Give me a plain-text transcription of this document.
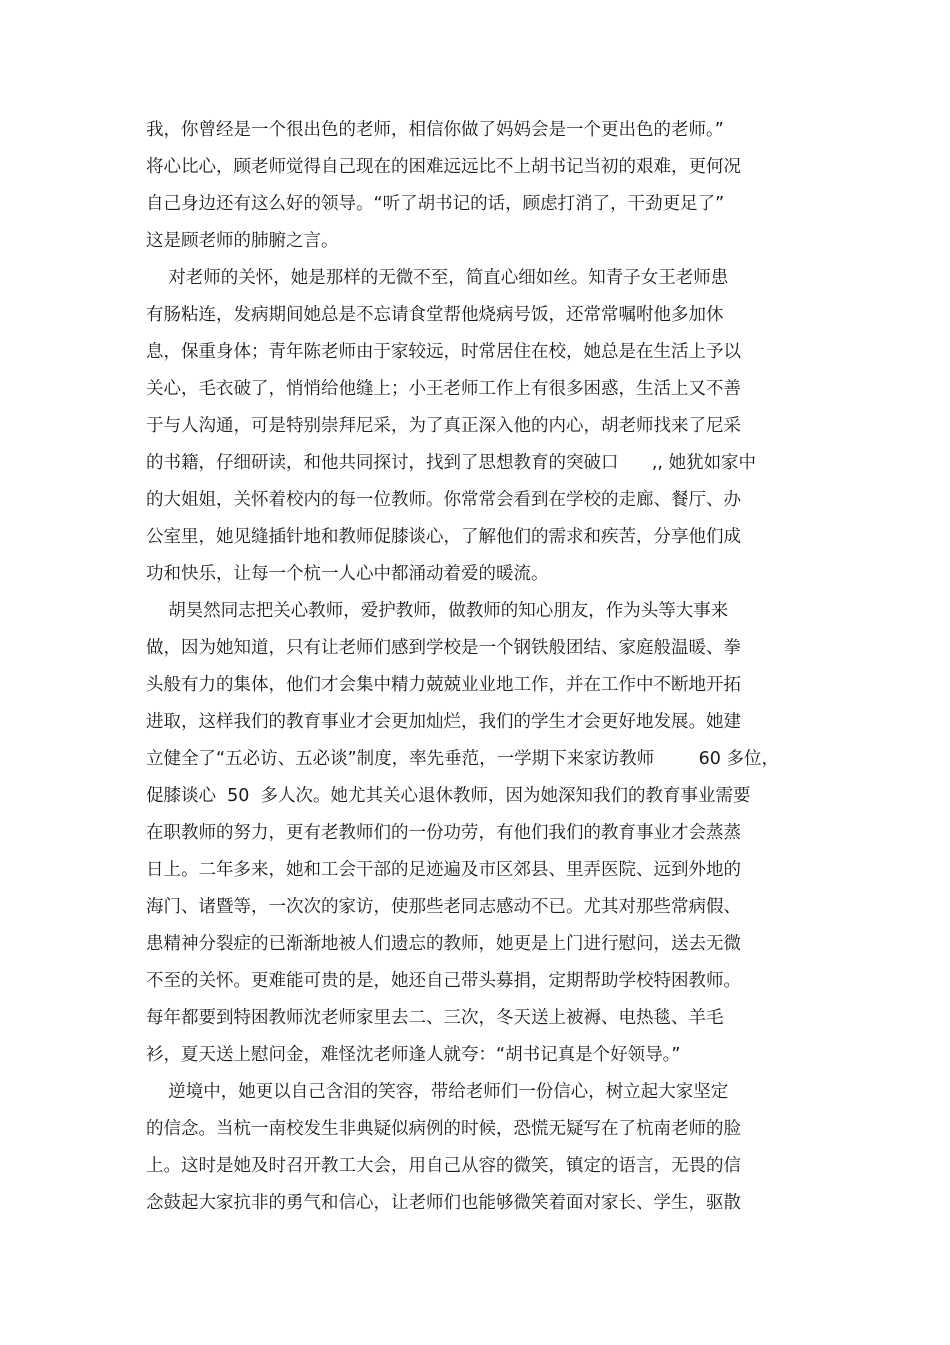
我，你曾经是一个很出色的老师，相信你做了妈妈会是一个更出色的老师。”
将心比心，顾老师觉得自己现在的困难远远比不上胡书记当初的艰难，更何况
自己身边还有这么好的领导。“听了胡书记的话，顾虑打消了，干劲更足了”
这是顾老师的肺腑之言。
对老师的关怀，她是那样的无微不至，简直心细如丝。知青子女王老师患
有肠粘连，发病期间她总是不忘请食堂帮他烧病号饭，还常常嘱咐他多加休
息，保重身体；青年陈老师由于家较远，时常居住在校，她总是在生活上予以
关心，毛衣破了，悄悄给他缝上；小王老师工作上有很多困惑，生活上又不善
于与人沟通，可是特别崇拜尼采，为了真正深入他的内心，胡老师找来了尼采
的书籍，仔细研读，和他共同探讨，找到了思想教育的突破口      ,, 她犹如家中
的大姐姐，关怀着校内的每一位教师。你常常会看到在学校的走廊、餐厅、办
公室里，她见缝插针地和教师促膝谈心，了解他们的需求和疾苦，分享他们成
功和快乐，让每一个杭一人心中都涌动着爱的暖流。
胡昊然同志把关心教师，爱护教师，做教师的知心朋友，作为头等大事来
做，因为她知道，只有让老师们感到学校是一个钢铁般团结、家庭般温暖、拳
头般有力的集体，他们才会集中精力兢兢业业地工作，并在工作中不断地开拓
进取，这样我们的教育事业才会更加灿烂，我们的学生才会更好地发展。她建
立健全了“五必访、五必谈”制度，率先垂范，一学期下来家访教师        60 多位，
促膝谈心  50  多人次。她尤其关心退休教师，因为她深知我们的教育事业需要
在职教师的努力，更有老教师们的一份功劳，有他们我们的教育事业才会蒸蒸
日上。二年多来，她和工会干部的足迹遍及市区郊县、里弄医院、远到外地的
海门、诸暨等，一次次的家访，使那些老同志感动不已。尤其对那些常病假、
患精神分裂症的已渐渐地被人们遗忘的教师，她更是上门进行慰问，送去无微
不至的关怀。更难能可贵的是，她还自己带头募捐，定期帮助学校特困教师。
每年都要到特困教师沈老师家里去二、三次，冬天送上被褥、电热毯、羊毛
衫，夏天送上慰问金，难怪沈老师逢人就夸：“胡书记真是个好领导。”
逆境中，她更以自己含泪的笑容，带给老师们一份信心，树立起大家坚定
的信念。当杭一南校发生非典疑似病例的时候，恐慌无疑写在了杭南老师的脸
上。这时是她及时召开教工大会，用自己从容的微笑，镇定的语言，无畏的信
念鼓起大家抗非的勇气和信心，让老师们也能够微笑着面对家长、学生，驱散
